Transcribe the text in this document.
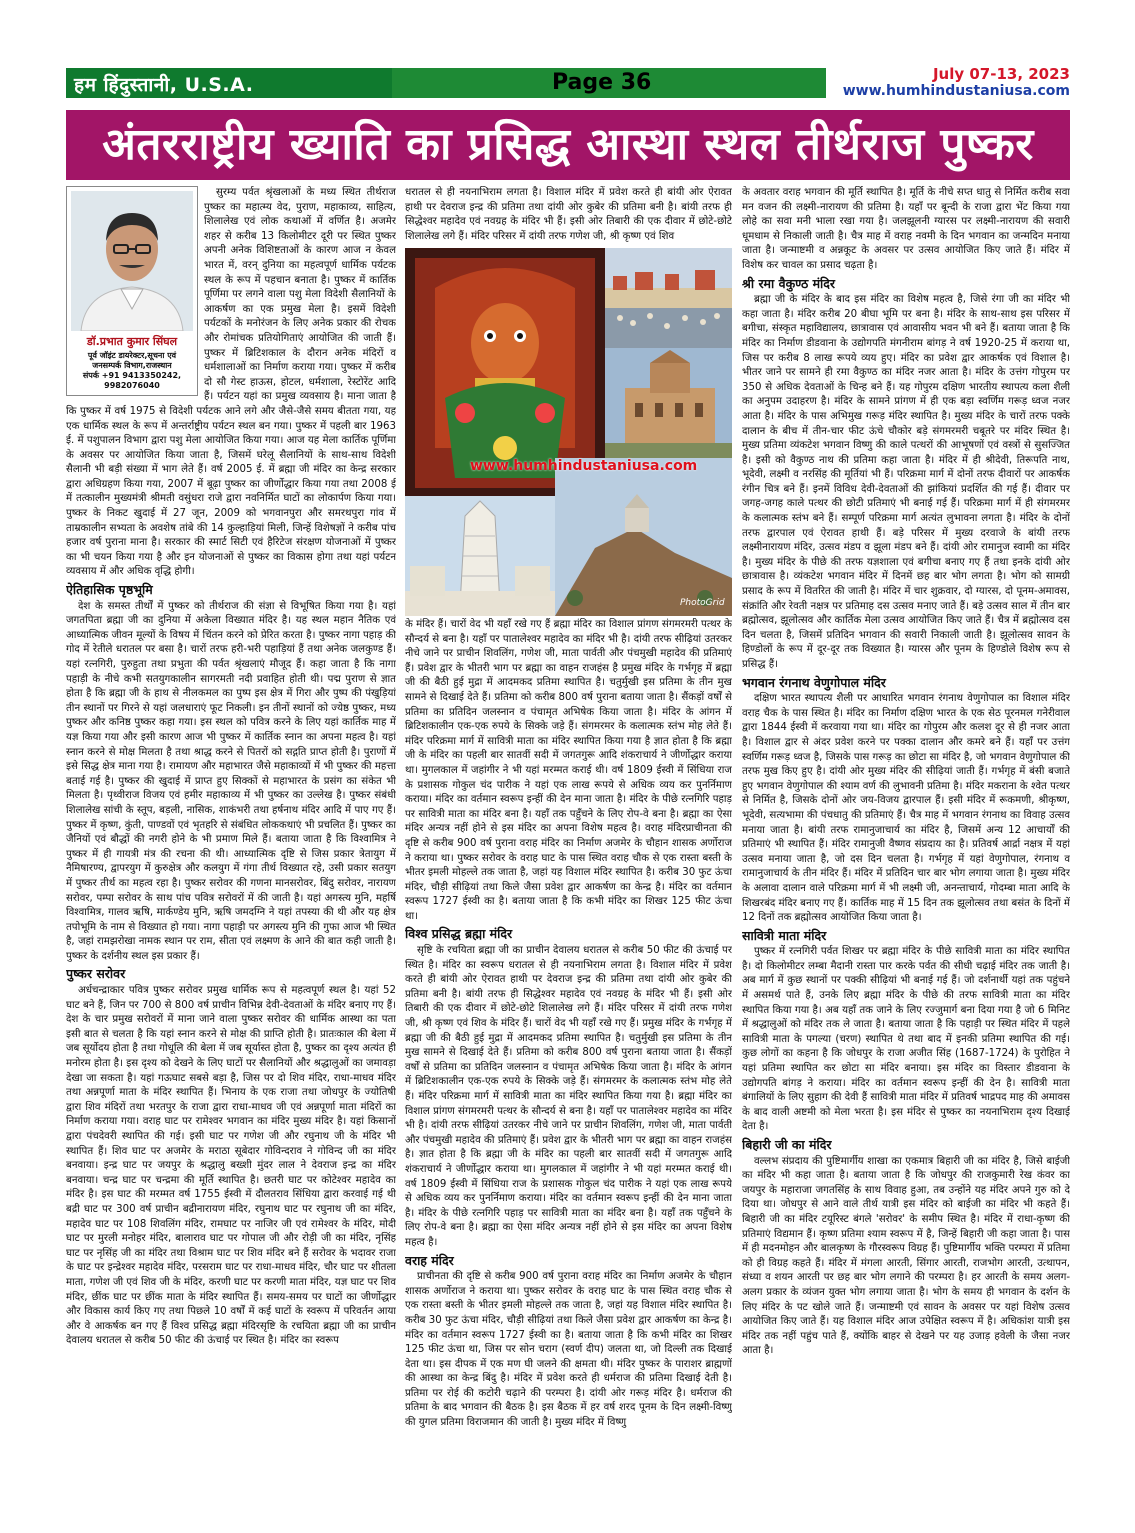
हम हिंदुस्तानी, U.S.A.	Page 36	July 07-13, 2023
www.humhindustaniusa.com
अंतरराष्ट्रीय ख्याति का प्रसिद्ध आस्था स्थल तीर्थराज पुष्कर
डॉ.प्रभात कुमार सिंघल
पूर्व जॉइंट डायरेक्टर,सूचना एवं
जनसम्पर्क विभाग,राजस्थान
संपर्क +91 9413350242, 9982076040

सुरम्य पर्वत श्रृंखलाओं के मध्य स्थित तीर्थराज पुष्कर का महात्म्य वेद, पुराण, महाकाव्य, साहित्य, शिलालेख एवं लोक कथाओं में वर्णित है। अजमेर शहर से करीब 13 किलोमीटर दूरी पर स्थित पुष्कर अपनी अनेक विशिष्टताओं के कारण आज न केवल भारत में, वरन् दुनिया का महत्वपूर्ण धार्मिक पर्यटक स्थल के रूप में पहचान बनाता है। पुष्कर में कार्तिक पूर्णिमा पर लगने वाला पशु मेला विदेशी सैलानियों के आकर्षण का एक प्रमुख मेला है। इसमें विदेशी पर्यटकों के मनोरंजन के लिए अनेक प्रकार की रोचक और रोमांचक प्रतियोगिताएं आयोजित की जाती हैं। पुष्कर में ब्रिटिशकाल के दौरान अनेक मंदिरों व धर्मशालाओं का निर्माण कराया गया। पुष्कर में करीब दो सौ गेस्ट हाऊस, होटल, धर्मशाला, रेस्टोरेंट आदि हैं। पर्यटन यहां का प्रमुख व्यवसाय है। माना जाता है कि पुष्कर में वर्ष 1975 से विदेशी पर्यटक आने लगे और जैसे-जैसे समय बीतता गया, यह एक धार्मिक स्थल के रूप में अन्तर्राष्ट्रीय पर्यटन स्थल बन गया। पुष्कर में पहली बार 1963 ई. में पशुपालन विभाग द्वारा पशु मेला आयोजित किया गया। आज यह मेला कार्तिक पूर्णिमा के अवसर पर आयोजित किया जाता है, जिसमें घरेलू सैलानियों के साथ-साथ विदेशी सैलानी भी बड़ी संख्या में भाग लेते हैं। वर्ष 2005 ई. में ब्रह्मा जी मंदिर का केन्द्र सरकार द्वारा अधिग्रहण किया गया, 2007 में बूढ़ा पुष्कर का जीर्णोद्धार किया गया तथा 2008 ई में तत्कालीन मुख्यमंत्री श्रीमती वसुंधरा राजे द्वारा नवनिर्मित घाटों का लोकार्पण किया गया। पुष्कर के निकट खुदाई में 27 जून, 2009 को भगवानपुरा और समरथपुरा गांव में ताम्रकालीन सभ्यता के अवशेष तांबे की 14 कुल्हाड़ियां मिली, जिन्हें विशेषज्ञों ने करीब पांच हजार वर्ष पुराना माना है। सरकार की स्मार्ट सिटी एवं हैरिटेज संरक्षण योजनाओं में पुष्कर का भी चयन किया गया है और इन योजनाओं से पुष्कर का विकास होगा तथा यहां पर्यटन व्यवसाय में और अधिक वृद्धि होगी।

ऐतिहासिक पृष्ठभूमि

देश के समस्त तीर्थों में पुष्कर को तीर्थराज की संज्ञा से विभूषित किया गया है। यहां जगतपिता ब्रह्मा जी का दुनिया में अकेला विख्यात मंदिर है। यह स्थल महान नैतिक एवं आध्यात्मिक जीवन मूल्यों के विषय में चिंतन करने को प्रेरित करता है। पुष्कर नागा पहाड़ की गोद में रेतीले धरातल पर बसा है। चारों तरफ हरी-भरी पहाड़ियां हैं तथा अनेक जलकुण्ड हैं। यहां रत्नगिरी, पुरुहुता तथा प्रभुता की पर्वत श्रृंखलाएं मौजूद हैं। कहा जाता है कि नागा पहाड़ी के नीचे कभी सतयुगकालीन सागरमती नदी प्रवाहित होती थी। पद्म पुराण से ज्ञात होता है कि ब्रह्मा जी के हाथ से नीलकमल का पुष्प इस क्षेत्र में गिरा और पुष्प की पंखुड़ियां तीन स्थानों पर गिरने से यहां जलधाराएं फूट निकली। इन तीनों स्थानों को ज्येष्ठ पुष्कर, मध्य पुष्कर और कनिष्ठ पुष्कर कहा गया। इस स्थल को पवित्र करने के लिए यहां कार्तिक माह में यज्ञ किया गया और इसी कारण आज भी पुष्कर में कार्तिक स्नान का अपना महत्व है। यहां स्नान करने से मोक्ष मिलता है तथा श्राद्ध करने से पितरों को सद्गति प्राप्त होती है। पुराणों में इसे सिद्ध क्षेत्र माना गया है। रामायण और महाभारत जैसे महाकाव्यों में भी पुष्कर की महत्ता बताई गई है। पुष्कर की खुदाई में प्राप्त हुए सिक्कों से महाभारत के प्रसंग का संकेत भी मिलता है। पृथ्वीराज विजय एवं हमीर महाकाव्य में भी पुष्कर का उल्लेख है। पुष्कर संबंधी शिलालेख सांची के स्तूप, बड़ली, नासिक, शाकंभरी तथा हर्षनाथ मंदिर आदि में पाए गए हैं। पुष्कर में कृष्ण, कुंती, पाण्डवों एवं भृतहरि से संबंधित लोककथाएं भी प्रचलित हैं। पुष्कर का जैनियों एवं बौद्धों की नगरी होने के भी प्रमाण मिले हैं। बताया जाता है कि विश्वामित्र ने पुष्कर में ही गायत्री मंत्र की रचना की थी। आध्यात्मिक दृष्टि से जिस प्रकार त्रेतायुग में नैमिषारण्य, द्वापरयुग में कुरुक्षेत्र और कलयुग में गंगा तीर्थ विख्यात रहे, उसी प्रकार सतयुग में पुष्कर तीर्थ का महत्व रहा है। पुष्कर सरोवर की गणना मानसरोवर, बिंदु सरोवर, नारायण सरोवर, पम्पा सरोवर के साथ पांच पवित्र सरोवरों में की जाती है। यहां अगस्त्य मुनि, महर्षि विश्वामित्र, गालव ऋषि, मार्कण्डेय मुनि, ऋषि जमदग्नि ने यहां तपस्या की थी और यह क्षेत्र तपोभूमि के नाम से विख्यात हो गया। नागा पहाड़ी पर अगस्त्य मुनि की गुफा आज भी स्थित है, जहां रामझरोखा नामक स्थान पर राम, सीता एवं लक्ष्मण के आने की बात कही जाती है। पुष्कर के दर्शनीय स्थल इस प्रकार हैं।

पुष्कर सरोवर

अर्धचन्द्राकार पवित्र पुष्कर सरोवर प्रमुख धार्मिक रूप से महत्वपूर्ण स्थल है। यहां 52 घाट बने हैं, जिन पर 700 से 800 वर्ष प्राचीन विभिन्न देवी-देवताओं के मंदिर बनाए गए हैं। देश के चार प्रमुख सरोवरों में माना जाने वाला पुष्कर सरोवर की धार्मिक आस्था का पता इसी बात से चलता है कि यहां स्नान करने से मोक्ष की प्राप्ति होती है। प्रातःकाल की बेला में जब सूर्योदय होता है तथा गोधूलि की बेला में जब सूर्यास्त होता है, पुष्कर का दृश्य अत्यंत ही मनोरम होता है। इस दृश्य को देखने के लिए घाटों पर सैलानियों और श्रद्धालुओं का जमावड़ा देखा जा सकता है। यहां गऊघाट सबसे बड़ा है, जिस पर दो शिव मंदिर, राधा-माधव मंदिर तथा अन्नपूर्णा माता के मंदिर स्थापित हैं। भिनाय के एक राजा तथा जोधपुर के ज्योतिषी द्वारा शिव मंदिरों तथा भरतपुर के राजा द्वारा राधा-माधव जी एवं अन्नपूर्णा माता मंदिरों का निर्माण कराया गया। वराह घाट पर रामेश्वर भगवान का मंदिर मुख्य मंदिर है। यहां किसानों द्वारा पंचदेवरी स्थापित की गई। इसी घाट पर गणेश जी और रघुनाथ जी के मंदिर भी स्थापित हैं। शिव घाट पर अजमेर के मराठा सूबेदार गोविन्दराव ने गोविन्द जी का मंदिर बनवाया। इन्द्र घाट पर जयपुर के श्रद्धालु बख्शी मुंदर लाल ने देवराज इन्द्र का मंदिर बनवाया। चन्द्र घाट पर चन्द्रमा की मूर्ति स्थापित है। छतरी घाट पर कोटेश्वर महादेव का मंदिर है। इस घाट की मरम्मत वर्ष 1755 ईस्वी में दौलतराव सिंधिया द्वारा करवाई गई थी बद्री घाट पर 300 वर्ष प्राचीन बद्रीनारायण मंदिर, रघुनाथ घाट पर रघुनाथ जी का मंदिर, महादेव घाट पर 108 शिवलिंग मंदिर, रामघाट पर नाजिर जी एवं रामेश्वर के मंदिर, मोदी घाट पर मुरली मनोहर मंदिर, बालाराव घाट पर गोपाल जी और रोड़ी जी का मंदिर, नृसिंह घाट पर नृसिंह जी का मंदिर तथा विश्राम घाट पर शिव मंदिर बने हैं सरोवर के भदावर राजा के घाट पर इन्द्रेश्वर महादेव मंदिर, परसराम घाट पर राधा-माधव मंदिर, चौर घाट पर शीतला माता, गणेश जी एवं शिव जी के मंदिर, करणी घाट पर करणी माता मंदिर, यज्ञ घाट पर शिव मंदिर, छींक घाट पर छींक माता के मंदिर स्थापित हैं। समय-समय पर घाटों का जीर्णोद्धार और विकास कार्य किए गए तथा पिछले 10 वर्षों में कई घाटों के स्वरूप में परिवर्तन आया और वे आकर्षक बन गए हैं विश्व प्रसिद्ध ब्रह्मा मंदिरसृष्टि के रचयिता ब्रह्मा जी का प्राचीन देवालय धरातल से करीब 50 फीट की ऊंचाई पर स्थित है। मंदिर का स्वरूप

धरातल से ही नयनाभिराम लगता है। विशाल मंदिर में प्रवेश करते ही बांयी ओर ऐरावत हाथी पर देवराज इन्द्र की प्रतिमा तथा दांयी ओर कुबेर की प्रतिमा बनी है। बांयी तरफ ही सिद्धेश्वर महादेव एवं नवग्रह के मंदिर भी हैं। इसी ओर तिबारी की एक दीवार में छोटे-छोटे शिलालेख लगे हैं। मंदिर परिसर में दांयी तरफ गणेश जी, श्री कृष्ण एवं शिव

www.humhindustaniusa.com
PhotoGrid

के मंदिर हैं। चारों वेद भी यहाँ रखे गए हैं ब्रह्मा मंदिर का विशाल प्रांगण संगमरमरी पत्थर के सौन्दर्य से बना है। यहाँ पर पातालेश्वर महादेव का मंदिर भी है। दांयी तरफ सीढ़ियां उतरकर नीचे जाने पर प्राचीन शिवलिंग, गणेश जी, माता पार्वती और पंचमुखी महादेव की प्रतिमाएं हैं। प्रवेश द्वार के भीतरी भाग पर ब्रह्मा का वाहन राजहंस है प्रमुख मंदिर के गर्भगृह में ब्रह्मा जी की बैठी हुई मुद्रा में आदमकद प्रतिमा स्थापित है। चतुर्मुखी इस प्रतिमा के तीन मुख सामने से दिखाई देते हैं। प्रतिमा को करीब 800 वर्ष पुराना बताया जाता है। सैंकड़ों वर्षों से प्रतिमा का प्रतिदिन जलस्नान व पंचामृत अभिषेक किया जाता है। मंदिर के आंगन में ब्रिटिशकालीन एक-एक रुपये के सिक्के जड़े हैं। संगमरमर के कलात्मक स्तंभ मोह लेते हैं। मंदिर परिक्रमा मार्ग में सावित्री माता का मंदिर स्थापित किया गया है ज्ञात होता है कि ब्रह्मा जी के मंदिर का पहली बार सातवीं सदी में जगतगुरू आदि शंकराचार्य ने जीर्णोद्धार कराया था। मुगलकाल में जहांगीर ने भी यहां मरम्मत कराई थी। वर्ष 1809 ईस्वी में सिंधिया राज के प्रशासक गोकुल चंद पारीक ने यहां एक लाख रूपये से अधिक व्यय कर पुनर्निमाण कराया। मंदिर का वर्तमान स्वरूप इन्हीं की देन माना जाता है। मंदिर के पीछे रत्नगिरि पहाड़ पर सावित्री माता का मंदिर बना है। यहाँ तक पहुँचने के लिए रोप-वे बना है। ब्रह्मा का ऐसा मंदिर अन्यत्र नहीं होने से इस मंदिर का अपना विशेष महत्व है। वराह मंदिरप्राचीनता की दृष्टि से करीब 900 वर्ष पुराना वराह मंदिर का निर्माण अजमेर के चौहान शासक अर्णोराज ने कराया था। पुष्कर सरोवर के वराह घाट के पास स्थित वराह चौक से एक रास्ता बस्ती के भीतर इमली मोहल्ले तक जाता है, जहां यह विशाल मंदिर स्थापित है। करीब 30 फुट ऊंचा मंदिर, चौड़ी सीढ़ियां तथा किले जैसा प्रवेश द्वार आकर्षण का केन्द्र है। मंदिर का वर्तमान स्वरूप 1727 ईस्वी का है। बताया जाता है कि कभी मंदिर का शिखर 125 फीट ऊंचा था।

विश्व प्रसिद्ध ब्रह्मा मंदिर

सृष्टि के रचयिता ब्रह्मा जी का प्राचीन देवालय धरातल से करीब 50 फीट की ऊंचाई पर स्थित है। मंदिर का स्वरूप धरातल से ही नयनाभिराम लगता है। विशाल मंदिर में प्रवेश करते ही बांयी ओर ऐरावत हाथी पर देवराज इन्द्र की प्रतिमा तथा दांयी ओर कुबेर की प्रतिमा बनी है। बांयी तरफ ही सिद्धेश्वर महादेव एवं नवग्रह के मंदिर भी हैं। इसी ओर तिबारी की एक दीवार में छोटे-छोटे शिलालेख लगे हैं। मंदिर परिसर में दांयी तरफ गणेश जी, श्री कृष्ण एवं शिव के मंदिर हैं। चारों वेद भी यहाँ रखे गए हैं। प्रमुख मंदिर के गर्भगृह में ब्रह्मा जी की बैठी हुई मुद्रा में आदमकद प्रतिमा स्थापित है। चतुर्मुखी इस प्रतिमा के तीन मुख सामने से दिखाई देते हैं। प्रतिमा को करीब 800 वर्ष पुराना बताया जाता है। सैंकड़ों वर्षों से प्रतिमा का प्रतिदिन जलस्नान व पंचामृत अभिषेक किया जाता है। मंदिर के आंगन में ब्रिटिशकालीन एक-एक रुपये के सिक्के जड़े हैं। संगमरमर के कलात्मक स्तंभ मोह लेते हैं। मंदिर परिक्रमा मार्ग में सावित्री माता का मंदिर स्थापित किया गया है। ब्रह्मा मंदिर का विशाल प्रांगण संगमरमरी पत्थर के सौन्दर्य से बना है। यहाँ पर पातालेश्वर महादेव का मंदिर भी है। दांयी तरफ सीढ़ियां उतरकर नीचे जाने पर प्राचीन शिवलिंग, गणेश जी, माता पार्वती और पंचमुखी महादेव की प्रतिमाएं हैं। प्रवेश द्वार के भीतरी भाग पर ब्रह्मा का वाहन राजहंस है। ज्ञात होता है कि ब्रह्मा जी के मंदिर का पहली बार सातवीं सदी में जगतगुरू आदि शंकराचार्य ने जीर्णोद्धार कराया था। मुगलकाल में जहांगीर ने भी यहां मरम्मत कराई थी। वर्ष 1809 ईस्वी में सिंधिया राज के प्रशासक गोकुल चंद पारीक ने यहां एक लाख रूपये से अधिक व्यय कर पुनर्निमाण कराया। मंदिर का वर्तमान स्वरूप इन्हीं की देन माना जाता है। मंदिर के पीछे रत्नगिरि पहाड़ पर सावित्री माता का मंदिर बना है। यहाँ तक पहुँचने के लिए रोप-वे बना है। ब्रह्मा का ऐसा मंदिर अन्यत्र नहीं होने से इस मंदिर का अपना विशेष महत्व है।

वराह मंदिर

प्राचीनता की दृष्टि से करीब 900 वर्ष पुराना वराह मंदिर का निर्माण अजमेर के चौहान शासक अर्णोराज ने कराया था। पुष्कर सरोवर के वराह घाट के पास स्थित वराह चौक से एक रास्ता बस्ती के भीतर इमली मोहल्ले तक जाता है, जहां यह विशाल मंदिर स्थापित है। करीब 30 फुट ऊंचा मंदिर, चौड़ी सीढ़ियां तथा किले जैसा प्रवेश द्वार आकर्षण का केन्द्र है। मंदिर का वर्तमान स्वरूप 1727 ईस्वी का है। बताया जाता है कि कभी मंदिर का शिखर 125 फीट ऊंचा था, जिस पर सोन चराग (स्वर्ण दीप) जलता था, जो दिल्ली तक दिखाई देता था। इस दीपक में एक मण घी जलने की क्षमता थी। मंदिर पुष्कर के पाराशर ब्राह्मणों की आस्था का केन्द्र बिंदु है। मंदिर में प्रवेश करते ही धर्मराज की प्रतिमा दिखाई देती है। प्रतिमा पर रोई की कटोरी चढ़ाने की परम्परा है। दांयी ओर गरूड़ मंदिर है। धर्मराज की प्रतिमा के बाद भगवान की बैठक है। इस बैठक में हर वर्ष शरद पूनम के दिन लक्ष्मी-विष्णु की युगल प्रतिमा विराजमान की जाती है। मुख्य मंदिर में विष्णु

के अवतार वराह भगवान की मूर्ति स्थापित है। मूर्ति के नीचे सप्त धातु से निर्मित करीब सवा मन वजन की लक्ष्मी-नारायण की प्रतिमा है। यहाँ पर बून्दी के राजा द्वारा भेंट किया गया लोहे का सवा मनी भाला रखा गया है। जलझूलनी ग्यारस पर लक्ष्मी-नारायण की सवारी धूमधाम से निकाली जाती है। चैत्र माह में वराह नवमी के दिन भगवान का जन्मदिन मनाया जाता है। जन्माष्टमी व अन्नकूट के अवसर पर उत्सव आयोजित किए जाते हैं। मंदिर में विशेष कर चावल का प्रसाद चढ़ता है।

श्री रमा वैकुण्ठ मंदिर

ब्रह्मा जी के मंदिर के बाद इस मंदिर का विशेष महत्व है, जिसे रंगा जी का मंदिर भी कहा जाता है। मंदिर करीब 20 बीघा भूमि पर बना है। मंदिर के साथ-साथ इस परिसर में बगीचा, संस्कृत महाविद्यालय, छात्रावास एवं आवासीय भवन भी बने हैं। बताया जाता है कि मंदिर का निर्माण डीडवाना के उद्योगपति मंगनीराम बांगड़ ने वर्ष 1920-25 में कराया था, जिस पर करीब 8 लाख रूपये व्यय हुए। मंदिर का प्रवेश द्वार आकर्षक एवं विशाल है। भीतर जाने पर सामने ही रमा वैकुण्ठ का मंदिर नजर आता है। मंदिर के उत्तंग गोपुरम पर 350 से अधिक देवताओं के चिन्ह बने हैं। यह गोपुरम दक्षिण भारतीय स्थापत्य कला शैली का अनुपम उदाहरण है। मंदिर के सामने प्रांगण में ही एक बड़ा स्वर्णिम गरूड़ ध्वज नजर आता है। मंदिर के पास अभिमुख गरूड़ मंदिर स्थापित है। मुख्य मंदिर के चारों तरफ पक्के दालान के बीच में तीन-चार फीट ऊंचे चौकोर बड़े संगमरमरी चबूतरे पर मंदिर स्थित है। मुख्य प्रतिमा व्यंकटेश भगवान विष्णु की काले पत्थरों की आभूषणों एवं वस्त्रों से सुसज्जित है। इसी को वैकुण्ठ नाथ की प्रतिमा कहा जाता है। मंदिर में ही श्रीदेवी, तिरूपति नाथ, भूदेवी, लक्ष्मी व नरसिंह की मूर्तियां भी हैं। परिक्रमा मार्ग में दोनों तरफ दीवारों पर आकर्षक रंगीन चित्र बने हैं। इनमें विविध देवी-देवताओं की झांकियां प्रदर्शित की गई हैं। दीवार पर जगह-जगह काले पत्थर की छोटी प्रतिमाएं भी बनाई गई हैं। परिक्रमा मार्ग में ही संगमरमर के कलात्मक स्तंभ बने हैं। सम्पूर्ण परिक्रमा मार्ग अत्यंत लुभावना लगता है। मंदिर के दोनों तरफ द्वारपाल एवं ऐरावत हाथी हैं। बड़े परिसर में मुख्य दरवाजे के बांयी तरफ लक्ष्मीनारायण मंदिर, उत्सव मंडप व झूला मंडप बने हैं। दांयी ओर रामानुज स्वामी का मंदिर है। मुख्य मंदिर के पीछे की तरफ यज्ञशाला एवं बगीचा बनाए गए हैं तथा इनके दांयी ओर छात्रावास है। व्यंकटेश भगवान मंदिर में दिनमें छह बार भोग लगता है। भोग को सामग्री प्रसाद के रूप में वितरित की जाती है। मंदिर में चार शुक्रवार, दो ग्यारस, दो पूनम-अमावस, संक्रांति और रेवती नक्षत्र पर प्रतिमाह दस उत्सव मनाए जाते हैं। बड़े उत्सव साल में तीन बार ब्रह्मोत्सव, झूलोत्सव और कार्तिक मेला उत्सव आयोजित किए जाते हैं। चैत्र में ब्रह्मोत्सव दस दिन चलता है, जिसमें प्रतिदिन भगवान की सवारी निकाली जाती है। झूलोत्सव सावन के हिण्डोलों के रूप में दूर-दूर तक विख्यात है। ग्यारस और पूनम के हिण्डोले विशेष रूप से प्रसिद्ध हैं।

भगवान रंगनाथ वेणुगोपाल मंदिर

दक्षिण भारत स्थापत्य शैली पर आधारित भगवान रंगनाथ वेणुगोपाल का विशाल मंदिर वराह चैक के पास स्थित है। मंदिर का निर्माण दक्षिण भारत के एक सेठ पूरनमल गनेरीवाल द्वारा 1844 ईस्वी में करवाया गया था। मंदिर का गोपुरम और कलश दूर से ही नजर आता है। विशाल द्वार से अंदर प्रवेश करने पर पक्का दालान और कमरे बने हैं। यहाँ पर उत्तंग स्वर्णिम गरूड़ ध्वज है, जिसके पास गरूड़ का छोटा सा मंदिर है, जो भगवान वेणुगोपाल की तरफ मुख किए हुए है। दांयी ओर मुख्य मंदिर की सीढ़ियां जाती हैं। गर्भगृह में बंसी बजाते हुए भगवान वेणुगोपाल की श्याम वर्ण की लुभावनी प्रतिमा है। मंदिर मकराना के श्वेत पत्थर से निर्मित है, जिसके दोनों ओर जय-विजय द्वारपाल हैं। इसी मंदिर में रूकमणी, श्रीकृष्ण, भूदेवी, सत्यभामा की पंचधातु की प्रतिमाएं हैं। चैत्र माह में भगवान रंगनाथ का विवाह उत्सव मनाया जाता है। बांयी तरफ रामानुजाचार्य का मंदिर है, जिसमें अन्य 12 आचार्यों की प्रतिमाएं भी स्थापित हैं। मंदिर रामानुजी वैष्णव संप्रदाय का है। प्रतिवर्ष आर्द्रा नक्षत्र में यहां उत्सव मनाया जाता है, जो दस दिन चलता है। गर्भगृह में यहां वेणुगोपाल, रंगनाथ व रामानुजाचार्य के तीन मंदिर हैं। मंदिर में प्रतिदिन चार बार भोग लगाया जाता है। मुख्य मंदिर के अलावा दालान वाले परिक्रमा मार्ग में भी लक्ष्मी जी, अनन्ताचार्य, गोदम्बा माता आदि के शिखरबंद मंदिर बनाए गए हैं। कार्तिक माह में 15 दिन तक झूलोत्सव तथा बसंत के दिनों में 12 दिनों तक ब्रह्मोत्सव आयोजित किया जाता है।

सावित्री माता मंदिर

पुष्कर में रत्नगिरी पर्वत शिखर पर ब्रह्मा मंदिर के पीछे सावित्री माता का मंदिर स्थापित है। दो किलोमीटर लम्बा मैदानी रास्ता पार करके पर्वत की सीधी चढ़ाई मंदिर तक जाती है। अब मार्ग में कुछ स्थानों पर पक्की सीढ़ियां भी बनाई गई हैं। जो दर्शनार्थी यहां तक पहुंचने में असमर्थ पाते हैं, उनके लिए ब्रह्मा मंदिर के पीछे की तरफ सावित्री माता का मंदिर स्थापित किया गया है। अब यहाँ तक जाने के लिए रज्जुमार्ग बना दिया गया है जो 6 मिनिट में श्रद्धालुओं को मंदिर तक ले जाता है। बताया जाता है कि पहाड़ी पर स्थित मंदिर में पहले सावित्री माता के पगल्या (चरण) स्थापित थे तथा बाद में इनकी प्रतिमा स्थापित की गई। कुछ लोगों का कहना है कि जोधपुर के राजा अजीत सिंह (1687-1724) के पुरोहित ने यहां प्रतिमा स्थापित कर छोटा सा मंदिर बनाया। इस मंदिर का विस्तार डीडवाना के उद्योगपति बांगड़ ने कराया। मंदिर का वर्तमान स्वरूप इन्हीं की देन है। सावित्री माता बंगालियों के लिए सुहाग की देवी हैं सावित्री माता मंदिर में प्रतिवर्ष भाद्रपद माह की अमावस के बाद वाली अष्टमी को मेला भरता है। इस मंदिर से पुष्कर का नयनाभिराम दृश्य दिखाई देता है।

बिहारी जी का मंदिर

वल्लभ संप्रदाय की पुष्टिमार्गीय शाखा का एकमात्र बिहारी जी का मंदिर है, जिसे बाईजी का मंदिर भी कहा जाता है। बताया जाता है कि जोधपुर की राजकुमारी रेख कंवर का जयपुर के महाराजा जगतसिंह के साथ विवाह हुआ, तब उन्होंने यह मंदिर अपने गुरु को दे दिया था। जोधपुर से आने वाले तीर्थ यात्री इस मंदिर को बाईजी का मंदिर भी कहते हैं। बिहारी जी का मंदिर टयूरिस्ट बंगले 'सरोवर' के समीप स्थित है। मंदिर में राधा-कृष्ण की प्रतिमाएं विद्यमान हैं। कृष्ण प्रतिमा श्याम स्वरूप में है, जिन्हें बिहारी जी कहा जाता है। पास में ही मदनमोहन और बालकृष्ण के गौरस्वरूप विग्रह हैं। पुष्टिमार्गीय भक्ति परम्परा में प्रतिमा को ही विग्रह कहते हैं। मंदिर में मंगला आरती, सिंगार आरती, राजभोग आरती, उत्थापन, संध्या व शयन आरती पर छह बार भोग लगाने की परम्परा है। हर आरती के समय अलग-अलग प्रकार के व्यंजन युक्त भोग लगाया जाता है। भोग के समय ही भगवान के दर्शन के लिए मंदिर के पट खोले जाते हैं। जन्माष्टमी एवं सावन के अवसर पर यहां विशेष उत्सव आयोजित किए जाते हैं। यह विशाल मंदिर आज उपेक्षित स्वरूप में है। अधिकांश यात्री इस मंदिर तक नहीं पहुंच पाते हैं, क्योंकि बाहर से देखने पर यह उजाड़ हवेली के जैसा नजर आता है।
